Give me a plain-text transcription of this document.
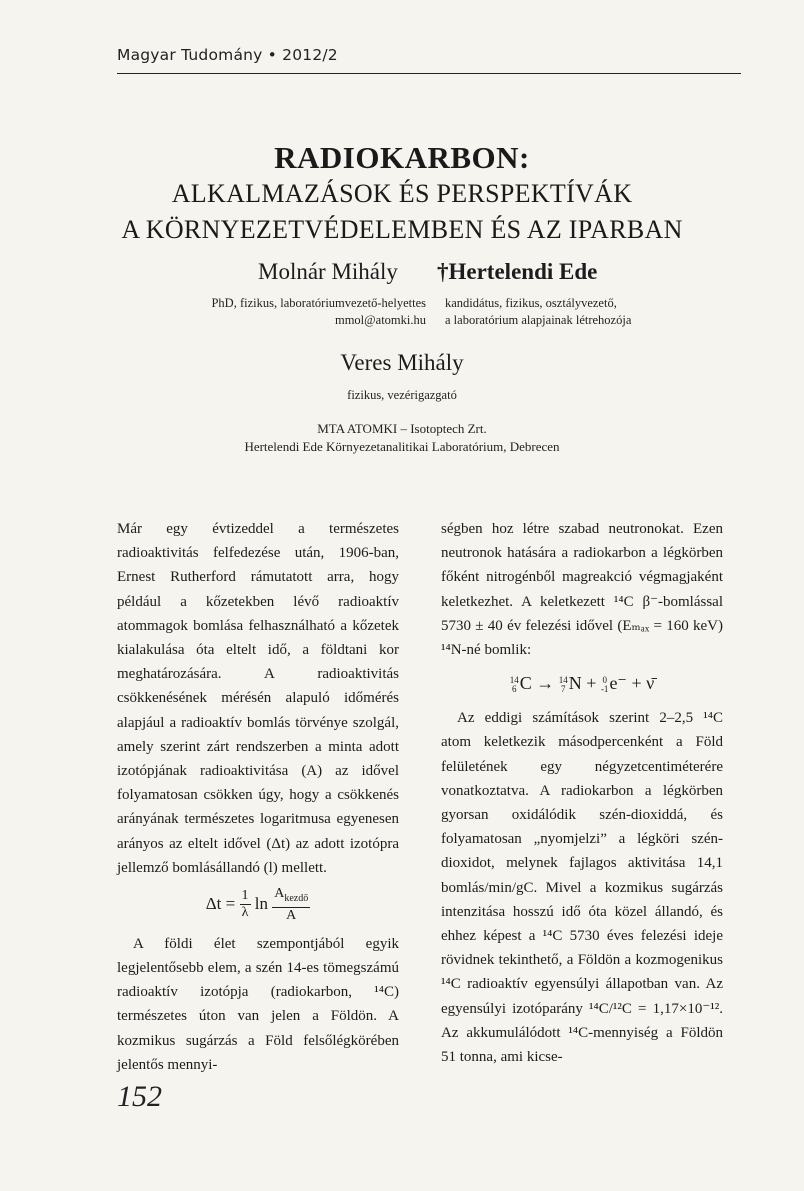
Magyar Tudomány • 2012/2
RADIOKARBON:
ALKALMAZÁSOK ÉS PERSPEKTÍVÁK
A KÖRNYEZETVÉDELEMBEN ÉS AZ IPARBAN
Molnár Mihály
PhD, fizikus, laboratóriumvezető-helyettes
mmol@atomki.hu
†Hertelendi Ede
kandidátus, fizikus, osztályvezető,
a laboratórium alapjainak létrehozója
Veres Mihály
fizikus, vezérigazgató
MTA ATOMKI – Isotoptech Zrt.
Hertelendi Ede Környezetanalitikai Laboratórium, Debrecen

Már egy évtizeddel a természetes radioaktivitás felfedezése után, 1906-ban, Ernest Rutherford rámutatott arra, hogy például a kőzetekben lévő radioaktív atommagok bomlása felhasználható a kőzetek kialakulása óta eltelt idő, a földtani kor meghatározására. A radioaktivitás csökkenésének mérésén alapuló időmérés alapjául a radioaktív bomlás törvénye szolgál, amely szerint zárt rendszerben a minta adott izotópjának radioaktivitása (A) az idővel folyamatosan csökken úgy, hogy a csökkenés arányának természetes logaritmusa egyenesen arányos az eltelt idővel (Δt) az adott izotópra jellemző bomlásállandó (l) mellett.

$\Delta t = \frac{1}{\lambda}$ $\ln \frac{A_{kezdő}}{A}$

A földi élet szempontjából egyik legjelentősebb elem, a szén 14-es tömegszámú radioaktív izotópja (radiokarbon, ¹⁴C) természetes úton van jelen a Földön. A kozmikus sugárzás a Föld felsőlégkörében jelentős mennyi-

ségben hoz létre szabad neutronokat. Ezen neutronok hatására a radiokarbon a légkörben főként nitrogénből magreakció végmagjaként keletkezhet. A keletkezett ¹⁴C β⁻-bomlással 5730 ± 40 év felezési idővel (Eₘₐₓ = 160 keV) ¹⁴N-né bomlik:

14
6 C → 14
7 N + 0
-1 e⁻ + ν̄

Az eddigi számítások szerint 2–2,5 ¹⁴C atom keletkezik másodpercenként a Föld felületének egy négyzetcentiméterére vonatkoztatva. A radiokarbon a légkörben gyorsan oxidálódik szén-dioxiddá, és folyamatosan „nyomjelzi” a légköri szén-dioxidot, melynek fajlagos aktivitása 14,1 bomlás/min/gC. Mivel a kozmikus sugárzás intenzitása hosszú idő óta közel állandó, és ehhez képest a ¹⁴C 5730 éves felezési ideje rövidnek tekinthető, a Földön a kozmogenikus ¹⁴C radioaktív egyensúlyi állapotban van. Az egyensúlyi izotóparány ¹⁴C/¹²C = 1,17×10⁻¹². Az akkumulálódott ¹⁴C-mennyiség a Földön 51 tonna, ami kicse-

152
